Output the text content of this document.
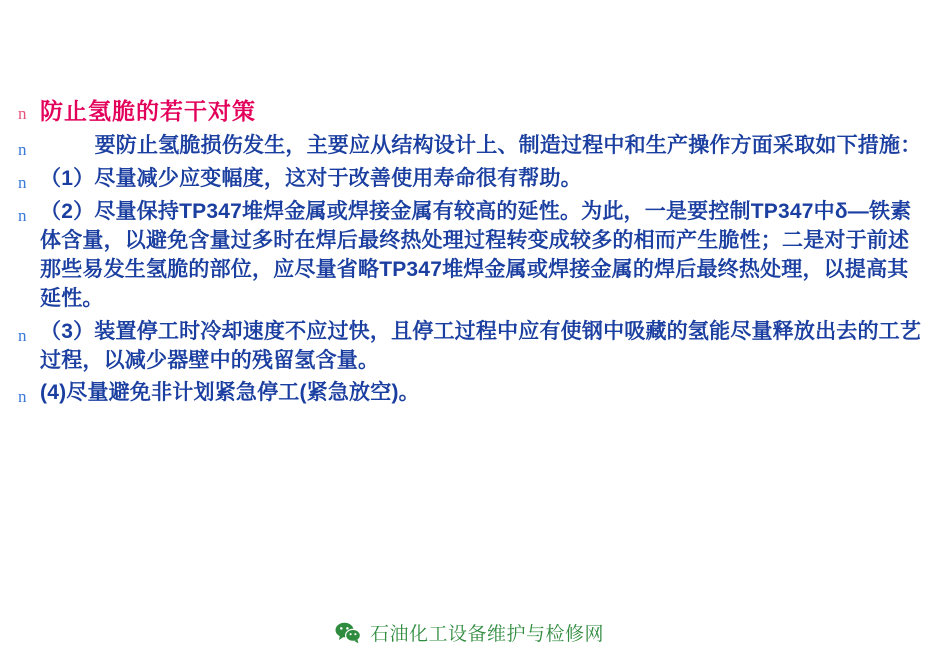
n 防止氢脆的若干对策
n	要防止氢脆损伤发生，主要应从结构设计上、制造过程中和生产操作方面采取如下措施：
n （1）尽量减少应变幅度，这对于改善使用寿命很有帮助。
n （2）尽量保持TP347堆焊金属或焊接金属有较高的延性。为此，一是要控制TP347中δ—铁素体含量，以避免含量过多时在焊后最终热处理过程转变成较多的相而产生脆性；二是对于前述那些易发生氢脆的部位，应尽量省略TP347堆焊金属或焊接金属的焊后最终热处理，以提高其延性。
n （3）装置停工时冷却速度不应过快，且停工过程中应有使钢中吸藏的氢能尽量释放出去的工艺过程，以减少器壁中的残留氢含量。
n (4)尽量避免非计划紧急停工(紧急放空)。
石油化工设备维护与检修网
